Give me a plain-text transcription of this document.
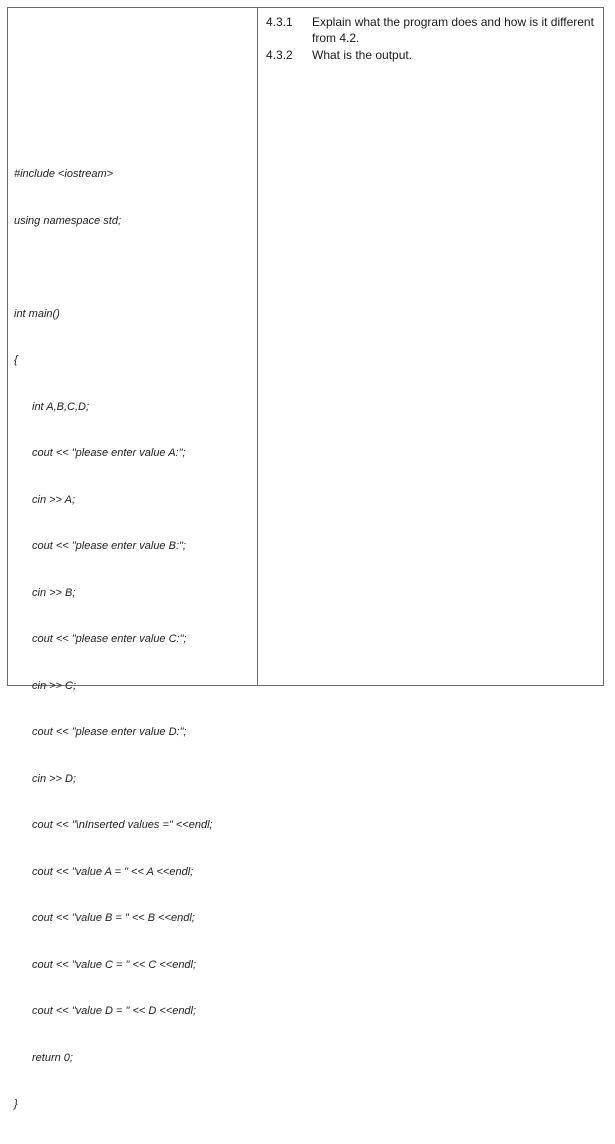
#include <iostream>

using namespace std;

int main()

{

int A,B,C,D;

cout << "please enter value A:";

cin >> A;

cout << "please enter value B:";

cin >> B;

cout << "please enter value C:";

cin >> C;

cout << "please enter value D:";

cin >> D;

cout << "\nInserted values =" <<endl;

cout << "value A = " << A <<endl;

cout << "value B = " << B <<endl;

cout << "value C = " << C <<endl;

cout << "value D = " << D <<endl;

return 0;

}

4.3.1	Explain what the program does and how is it different from 4.2.
4.3.2	What is the output.
